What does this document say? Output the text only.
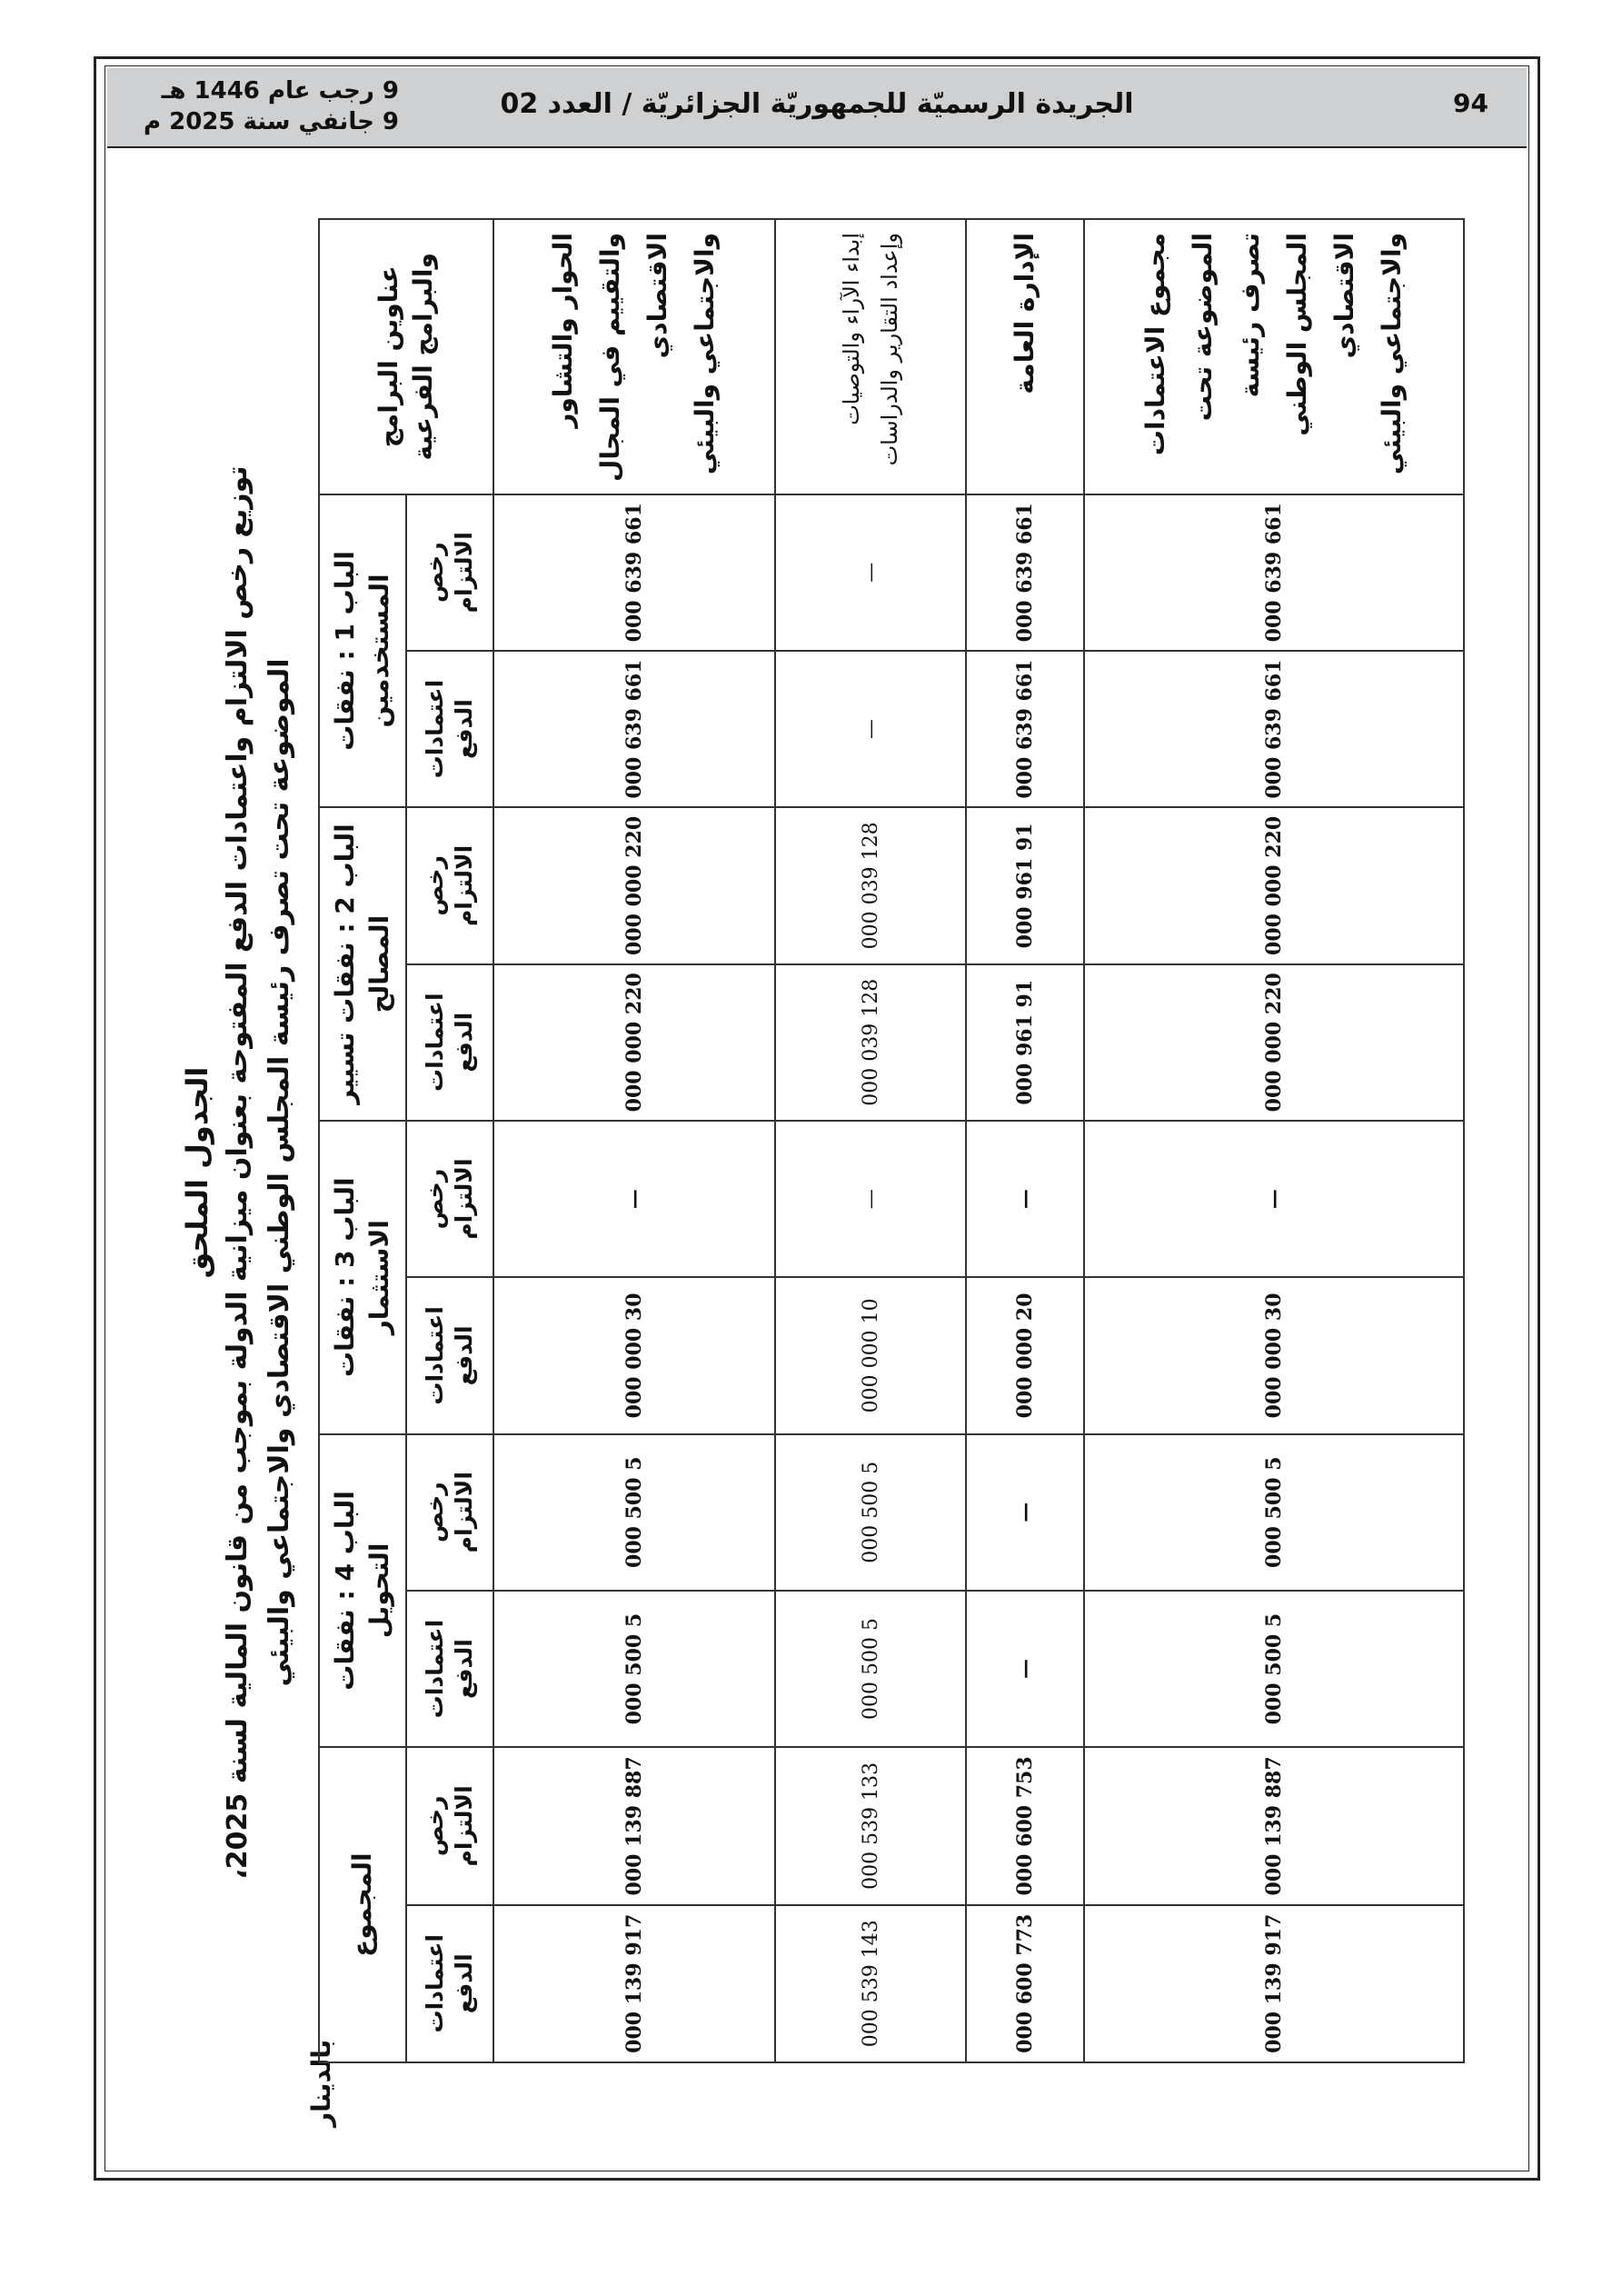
94
الجريدة الرسميّة للجمهوريّة الجزائريّة / العدد 02
9 رجب عام 1446 هـ
9 جانفي سنة 2025 م
الجدول الملحق
توزيع رخص الالتزام واعتمادات الدفع المفتوحة بعنوان ميزانية الدولة بموجب من قانون المالية لسنة 2025، الموضوعة تحت تصرف رئيسة المجلس الوطني الاقتصادي والاجتماعي والبيئي
بالدينار
عناوين البرامج والبرامج الفرعية	الباب 1 : نفقات المستخدمين		الباب 2 : نفقات تسيير المصالح		الباب 3 : نفقات الاستثمار		الباب 4 : نفقات التحويل		المجموع	
	رخص الالتزام	اعتمادات الدفع	رخص الالتزام	اعتمادات الدفع	رخص الالتزام	اعتمادات الدفع	رخص الالتزام	اعتمادات الدفع	رخص الالتزام	اعتمادات الدفع
الحوار والتشاور والتقييم في المجال الاقتصادي والاجتماعي والبيئي	661 639 000	661 639 000	220 000 000	220 000 000	—	30 000 000	5 500 000	5 500 000	887 139 000	917 139 000
إبداء الآراء والتوصيات وإعداد التقارير والدراسات	—	—	128 039 000	128 039 000	—	10 000 000	5 500 000	5 500 000	133 539 000	143 539 000
الإدارة العامة	661 639 000	661 639 000	91 961 000	91 961 000	—	20 000 000	—	—	753 600 000	773 600 000
مجموع الاعتمادات الموضوعة تحت تصرف رئيسة المجلس الوطني الاقتصادي والاجتماعي والبيئي	661 639 000	661 639 000	220 000 000	220 000 000	—	30 000 000	5 500 000	5 500 000	887 139 000	917 139 000
